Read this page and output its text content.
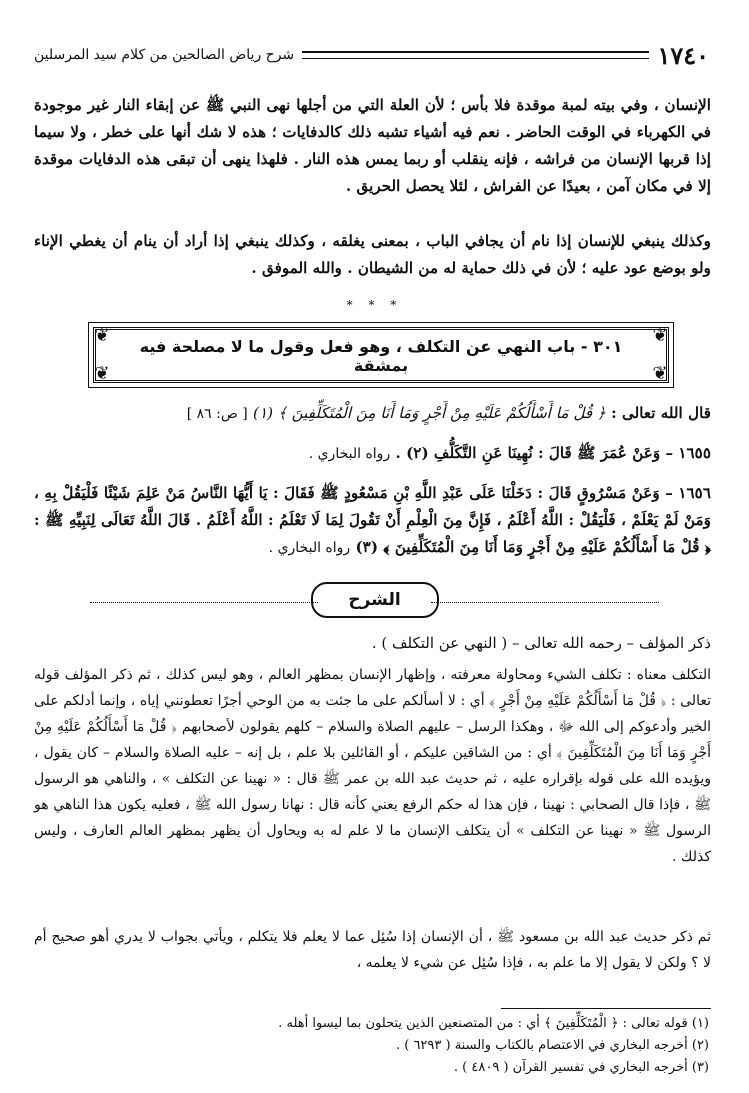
١٧٤٠
شرح رياض الصالحين من كلام سيد المرسلين
الإنسان ، وفي بيته لمبة موقدة فلا بأس ؛ لأن العلة التي من أجلها نهى النبي ﷺ عن إبقاء النار غير موجودة في الكهرباء في الوقت الحاضر . نعم فيه أشياء تشبه ذلك كالدفايات ؛ هذه لا شك أنها على خطر ، ولا سيما إذا قربها الإنسان من فراشه ، فإنه ينقلب أو ربما يمس هذه النار . فلهذا ينهى أن تبقى هذه الدفايات موقدة إلا في مكان آمن ، بعيدًا عن الفراش ، لئلا يحصل الحريق .
وكذلك ينبغي للإنسان إذا نام أن يجافي الباب ، بمعنى يغلقه ، وكذلك ينبغي إذا أراد أن ينام أن يغطي الإناء ولو بوضع عود عليه ؛ لأن في ذلك حماية له من الشيطان . والله الموفق .
* * *
❦	❦
❦	❦
٣٠١ - باب النهي عن التكلف ، وهو فعل وقول ما لا مصلحة فيه بمشقة
قال الله تعالى : ﴿ قُلْ مَا أَسْأَلُكُمْ عَلَيْهِ مِنْ أَجْرٍ وَمَا أَنَا مِنَ الْمُتَكَلِّفِينَ ﴾ (١) [ ص: ٨٦ ]
١٦٥٥ – وَعَنْ عُمَرَ ﷺ قَالَ : نُهِينَا عَنِ التَّكَلُّفِ (٢) . رواه البخاري .
١٦٥٦ – وَعَنْ مَسْرُوقٍ قَالَ : دَخَلْنَا عَلَى عَبْدِ اللَّهِ بْنِ مَسْعُودٍ ﷺ فَقَالَ : يَا أَيُّهَا النَّاسُ مَنْ عَلِمَ شَيْئًا فَلْيَقُلْ بِهِ ، وَمَنْ لَمْ يَعْلَمْ ، فَلْيَقُلْ : اللَّهُ أَعْلَمُ ، فَإِنَّ مِنَ الْعِلْمِ أَنْ تَقُولَ لِمَا لَا تَعْلَمُ : اللَّهُ أَعْلَمُ . قَالَ اللَّهُ تَعَالَى لِنَبِيِّهِ ﷺ : ﴿ قُلْ مَا أَسْأَلُكُمْ عَلَيْهِ مِنْ أَجْرٍ وَمَا أَنَا مِنَ الْمُتَكَلِّفِينَ ﴾ (٣) رواه البخاري .
الشرح
ذكر المؤلف – رحمه الله تعالى – ( النهي عن التكلف ) .
التكلف معناه : تكلف الشيء ومحاولة معرفته ، وإظهار الإنسان بمظهر العالم ، وهو ليس كذلك ، ثم ذكر المؤلف قوله تعالى : ﴿ قُلْ مَا أَسْأَلُكُمْ عَلَيْهِ مِنْ أَجْرٍ ﴾ أي : لا أسألكم على ما جئت به من الوحي أجرًا تعطونني إياه ، وإنما أدلكم على الخير وأدعوكم إلى الله ﷻ ، وهكذا الرسل – عليهم الصلاة والسلام – كلهم يقولون لأصحابهم ﴿ قُلْ مَا أَسْأَلُكُمْ عَلَيْهِ مِنْ أَجْرٍ وَمَا أَنَا مِنَ الْمُتَكَلِّفِينَ ﴾ أي : من الشاقين عليكم ، أو القائلين بلا علم ، بل إنه – عليه الصلاة والسلام – كان يقول ، ويؤيده الله على قوله بإقراره عليه ، ثم حديث عبد الله بن عمر ﷺ قال : « نهينا عن التكلف » ، والناهي هو الرسول ﷺ ، فإذا قال الصحابي : نهينا ، فإن هذا له حكم الرفع يعني كأنه قال : نهانا رسول الله ﷺ ، فعليه يكون هذا الناهي هو الرسول ﷺ « نهينا عن التكلف » أن يتكلف الإنسان ما لا علم له به ويحاول أن يظهر بمظهر العالم العارف ، وليس كذلك .
ثم ذكر حديث عبد الله بن مسعود ﷺ ، أن الإنسان إذا سُئِل عما لا يعلم فلا يتكلم ، ويأتي بجواب لا يدري أهو صحيح أم لا ؟ ولكن لا يقول إلا ما علم به ، فإذا سُئِل عن شيء لا يعلمه ،
(١) قوله تعالى : ﴿ الْمُتَكَلِّفِينَ ﴾ أي : من المتصنعين الذين يتحلون بما ليسوا أهله .
(٢) أخرجه البخاري في الاعتصام بالكتاب والسنة ( ٦٢٩٣ ) .
(٣) أخرجه البخاري في تفسير القرآن ( ٤٨٠٩ ) .
